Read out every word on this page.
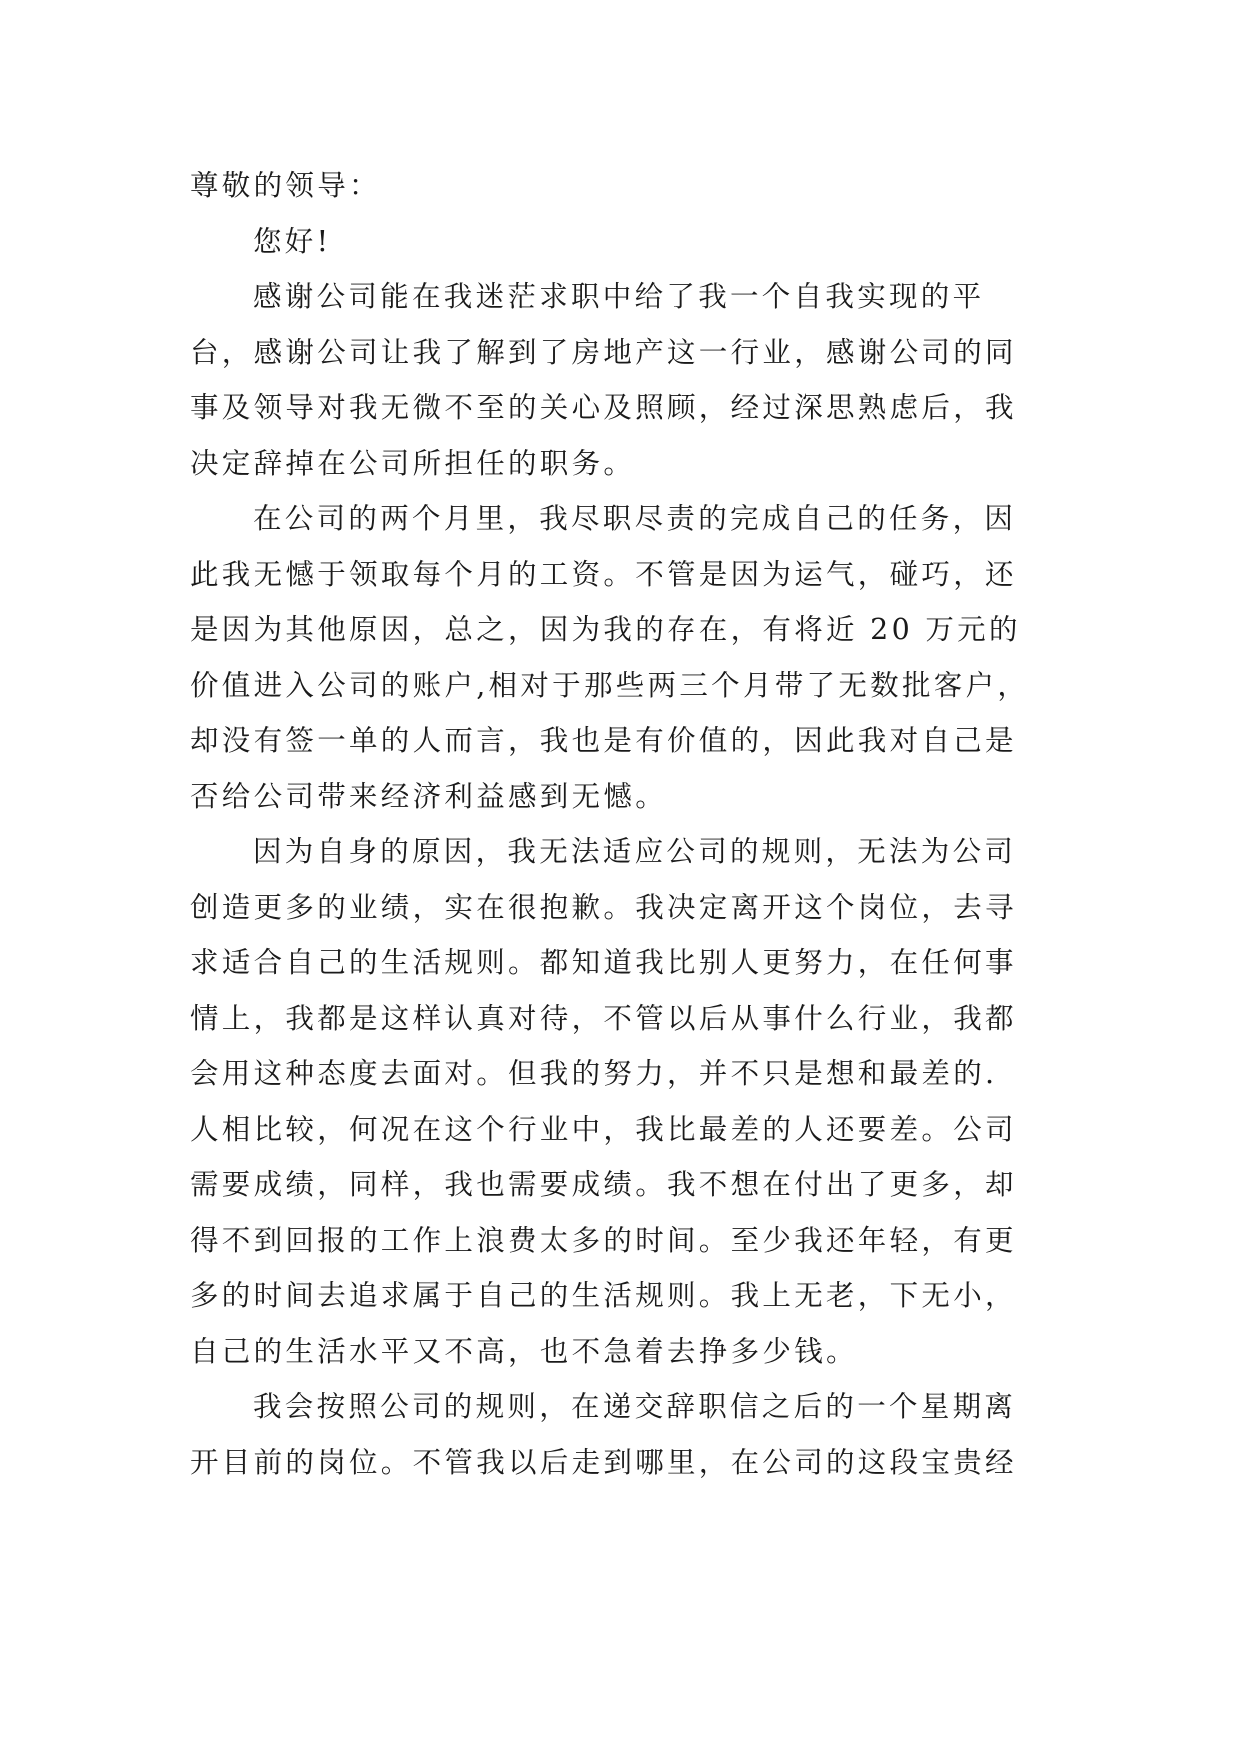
尊敬的领导：
您好!
感谢公司能在我迷茫求职中给了我一个自我实现的平
台，感谢公司让我了解到了房地产这一行业，感谢公司的同
事及领导对我无微不至的关心及照顾，经过深思熟虑后，我
决定辞掉在公司所担任的职务。
在公司的两个月里，我尽职尽责的完成自己的任务，因
此我无憾于领取每个月的工资。不管是因为运气，碰巧，还
是因为其他原因，总之，因为我的存在，有将近 20 万元的
价值进入公司的账户,相对于那些两三个月带了无数批客户，
却没有签一单的人而言，我也是有价值的，因此我对自己是
否给公司带来经济利益感到无憾。
因为自身的原因，我无法适应公司的规则，无法为公司
创造更多的业绩，实在很抱歉。我决定离开这个岗位，去寻
求适合自己的生活规则。都知道我比别人更努力，在任何事
情上，我都是这样认真对待，不管以后从事什么行业，我都
会用这种态度去面对。但我的努力，并不只是想和最差的.
人相比较，何况在这个行业中，我比最差的人还要差。公司
需要成绩，同样，我也需要成绩。我不想在付出了更多，却
得不到回报的工作上浪费太多的时间。至少我还年轻，有更
多的时间去追求属于自己的生活规则。我上无老，下无小，
自己的生活水平又不高，也不急着去挣多少钱。
我会按照公司的规则，在递交辞职信之后的一个星期离
开目前的岗位。不管我以后走到哪里，在公司的这段宝贵经
